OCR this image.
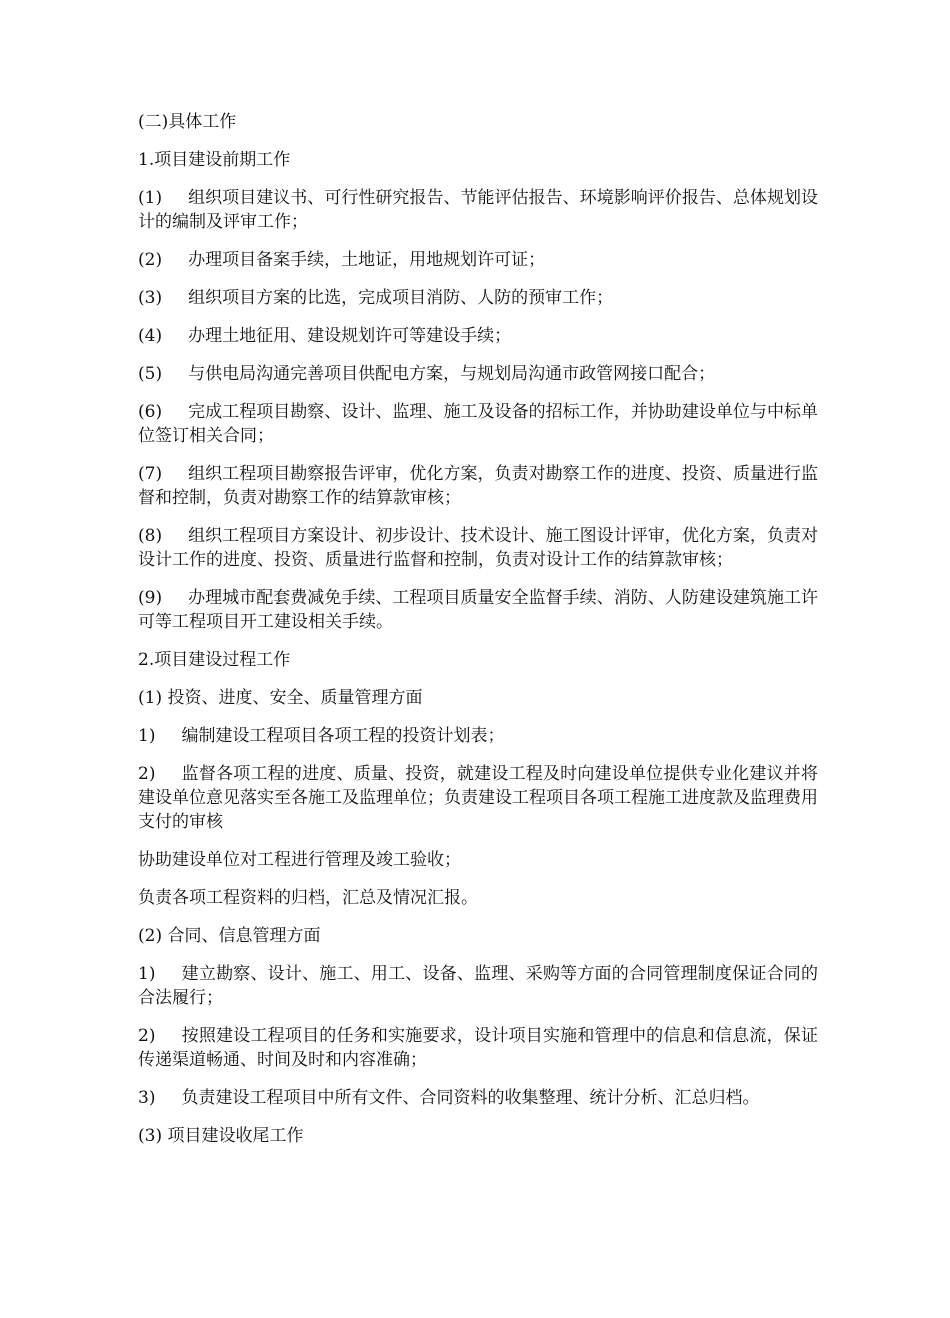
(二)具体工作

1.项目建设前期工作

(1) 组织项目建议书、可行性研究报告、节能评估报告、环境影响评价报告、总体规划设计的编制及评审工作；

(2) 办理项目备案手续，土地证，用地规划许可证；

(3) 组织项目方案的比选，完成项目消防、人防的预审工作；

(4) 办理土地征用、建设规划许可等建设手续；

(5) 与供电局沟通完善项目供配电方案，与规划局沟通市政管网接口配合；

(6) 完成工程项目勘察、设计、监理、施工及设备的招标工作，并协助建设单位与中标单位签订相关合同；

(7) 组织工程项目勘察报告评审，优化方案，负责对勘察工作的进度、投资、质量进行监督和控制，负责对勘察工作的结算款审核；

(8) 组织工程项目方案设计、初步设计、技术设计、施工图设计评审，优化方案，负责对设计工作的进度、投资、质量进行监督和控制，负责对设计工作的结算款审核；

(9) 办理城市配套费减免手续、工程项目质量安全监督手续、消防、人防建设建筑施工许可等工程项目开工建设相关手续。

2.项目建设过程工作

(1) 投资、进度、安全、质量管理方面

1) 编制建设工程项目各项工程的投资计划表；

2) 监督各项工程的进度、质量、投资，就建设工程及时向建设单位提供专业化建议并将建设单位意见落实至各施工及监理单位；负责建设工程项目各项工程施工进度款及监理费用支付的审核

协助建设单位对工程进行管理及竣工验收；

负责各项工程资料的归档，汇总及情况汇报。

(2) 合同、信息管理方面

1) 建立勘察、设计、施工、用工、设备、监理、采购等方面的合同管理制度保证合同的合法履行；

2) 按照建设工程项目的任务和实施要求，设计项目实施和管理中的信息和信息流，保证传递渠道畅通、时间及时和内容准确；

3) 负责建设工程项目中所有文件、合同资料的收集整理、统计分析、汇总归档。

(3) 项目建设收尾工作
